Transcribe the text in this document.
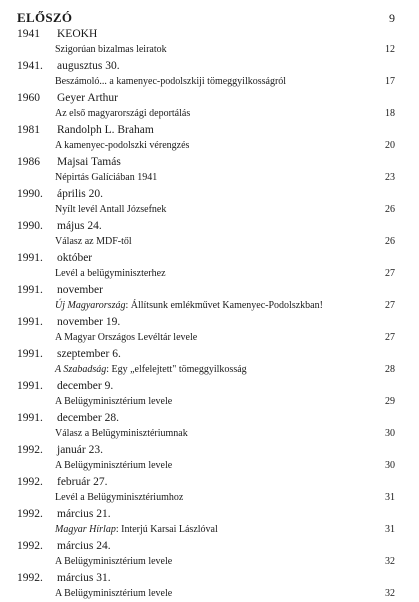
ELŐSZÓ	9
1941 KEOKH
Szigorúan bizalmas leiratok	12
1941. augusztus 30.
Beszámoló... a kamenyec-podolszkiji tömeggyilkosságról	17
1960 Geyer Arthur
Az első magyarországi deportálás	18
1981 Randolph L. Braham
A kamenyec-podolszki vérengzés	20
1986 Majsai Tamás
Népirtás Galíciában 1941	23
1990. április 20.
Nyílt levél Antall Józsefnek	26
1990. május 24.
Válasz az MDF-től	26
1991. október
Levél a belügyminiszterhez	27
1991. november
Új Magyarország: Állítsunk emlékművet Kamenyec-Podolszkban!	27
1991. november 19.
A Magyar Országos Levéltár levele	27
1991. szeptember 6.
A Szabadság: Egy „elfelejtett" tömeggyilkosság	28
1991. december 9.
A Belügyminisztérium levele	29
1991. december 28.
Válasz a Belügyminisztériumnak	30
1992. január 23.
A Belügyminisztérium levele	30
1992. február 27.
Levél a Belügyminisztériumhoz	31
1992. március 21.
Magyar Hírlap: Interjú Karsai Lászlóval	31
1992. március 24.
A Belügyminisztérium levele	32
1992. március 31.
A Belügyminisztérium levele	32
